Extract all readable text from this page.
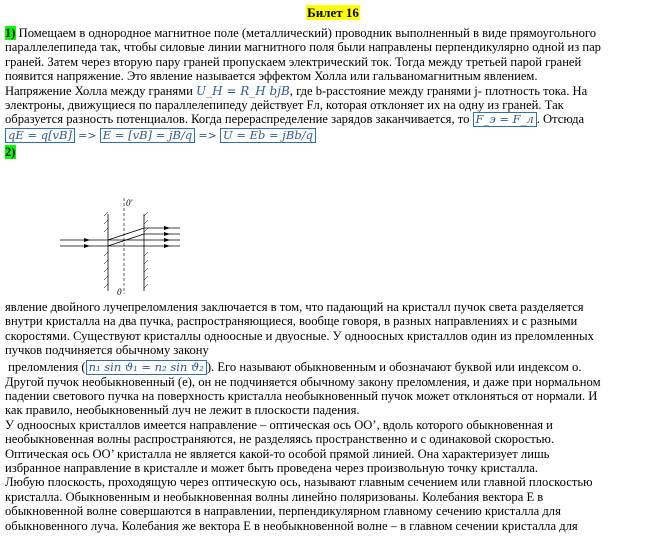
Билет 16
1) Помещаем в однородное магнитное поле (металлический) проводник выполненный в виде прямоугольного
параллелепипеда так, чтобы силовые линии магнитного поля были направлены перпендикулярно одной из пар
граней. Затем через вторую пару граней пропускаем электрический ток. Тогда между третьей парой граней
появится напряжение. Это явление называется эффектом Холла или гальваномагнитным явлением.
Напряжение Холла между гранями U_H = R_H bjB, где b-расстояние между гранями j- плотность тока. На
электроны, движущиеся по параллелепипеду действует Fл, которая отклоняет их на одну из граней. Так
образуется разность потенциалов. Когда перераспределение зарядов заканчивается, то F_э = F_л . Отсюда
qE = q[vB] => E = [vB] = jB/q => U = Eb = jBb/q
2)
0'
0
явление двойного лучепреломления заключается в том, что падающий на кристалл пучок света разделяется
внутри кристалла на два пучка, распространяющиеся, вообще говоря, в разных направлениях и с разными
скоростями. Существуют кристаллы одноосные и двуосные. У одноосных кристаллов один из преломленных
пучков подчиняется обычному закону
преломления ( n₁ sin ϑ₁ = n₂ sin ϑ₂ ). Его называют обыкновенным и обозначают буквой или индексом о.
Другой пучок необыкновенный (е), он не подчиняется обычному закону преломления, и даже при нормальном
падении светового пучка на поверхность кристалла необыкновенный пучок может отклоняться от нормали. И
как правило, необыкновенный луч не лежит в плоскости падения.
У одноосных кристаллов имеется направление – оптическая ось ОО’, вдоль которого обыкновенная и
необыкновенная волны распространяются, не разделяясь пространственно и с одинаковой скоростью.
Оптическая ось ОО’ кристалла не является какой-то особой прямой линией. Она характеризует лишь
избранное направление в кристалле и может быть проведена через произвольную точку кристалла.
Любую плоскость, проходящую через оптическую ось, называют главным сечением или главной плоскостью
кристалла. Обыкновенным и необыкновенная волны линейно поляризованы. Колебания вектора Е в
обыкновенной волне совершаются в направлении, перпендикулярном главному сечению кристалла для
обыкновенного луча. Колебания же вектора Е в необыкновенной волне – в главном сечении кристалла для
